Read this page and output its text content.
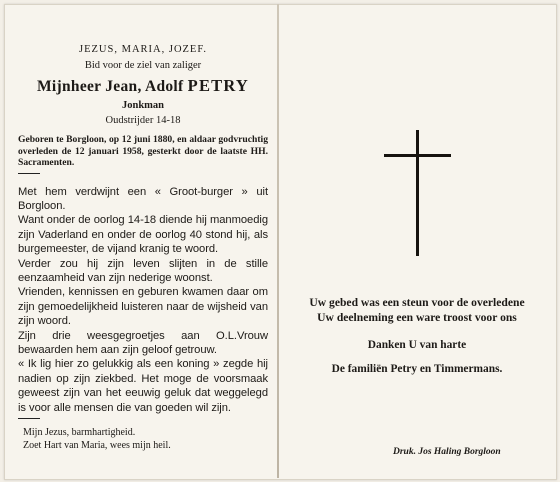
JEZUS, MARIA, JOZEF.
Bid voor de ziel van zaliger
Mijnheer Jean, Adolf PETRY
Jonkman
Oudstrijder 14-18
Geboren te Borgloon, op 12 juni 1880, en aldaar godvruchtig overleden de 12 januari 1958, gesterkt door de laatste HH. Sacramenten.

Met hem verdwijnt een « Groot-burger » uit Borgloon.

Want onder de oorlog 14-18 diende hij manmoedig zijn Vaderland en onder de oorlog 40 stond hij, als burgemeester, de vijand kranig te woord.

Verder zou hij zijn leven slijten in de stille eenzaamheid van zijn nederige woonst.

Vrienden, kennissen en geburen kwamen daar om zijn gemoedelijkheid luisteren naar de wijsheid van zijn woord.

Zijn drie weesgegroetjes aan O.L.Vrouw bewaarden hem aan zijn geloof getrouw.

« Ik lig hier zo gelukkig als een koning » zegde hij nadien op zijn ziekbed. Het moge de voorsmaak geweest zijn van het eeuwig geluk dat weggelegd is voor alle mensen die van goeden wil zijn.

Mijn Jezus, barmhartigheid.

Zoet Hart van Maria, wees mijn heil.

Uw gebed was een steun voor de overledene
Uw deelneming een ware troost voor ons
Danken U van harte
De familiën Petry en Timmermans.
Druk. Jos Haling Borgloon
